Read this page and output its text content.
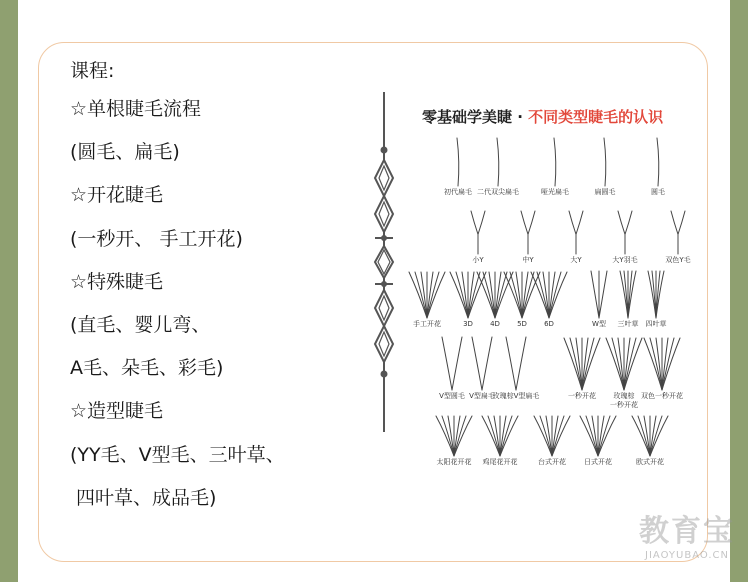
课程:
☆单根睫毛流程
(圆毛、扁毛)
☆开花睫毛
(一秒开、 手工开花)
☆特殊睫毛
(直毛、婴儿弯、
A毛、朵毛、彩毛)
☆造型睫毛
(YY毛、V型毛、三叶草、
四叶草、成品毛)
零基础学美睫 · 不同类型睫毛的认识
初代扁毛 二代双尖扁毛	哑光扁毛	扁圆毛	圆毛
小Y	中Y	大Y	大Y羽毛	双色Y毛
手工开花	3D	4D	5D	6D	W型	三叶草	四叶草
V型圆毛 V型扁毛
玫瑰棕V型扁毛	一秒开花	玫瑰棕
一秒开花
双色一秒开花
太阳花开花	鸡尾花开花	台式开花	日式开花	欧式开花
教育宝
JIAOYUBAO.CN
